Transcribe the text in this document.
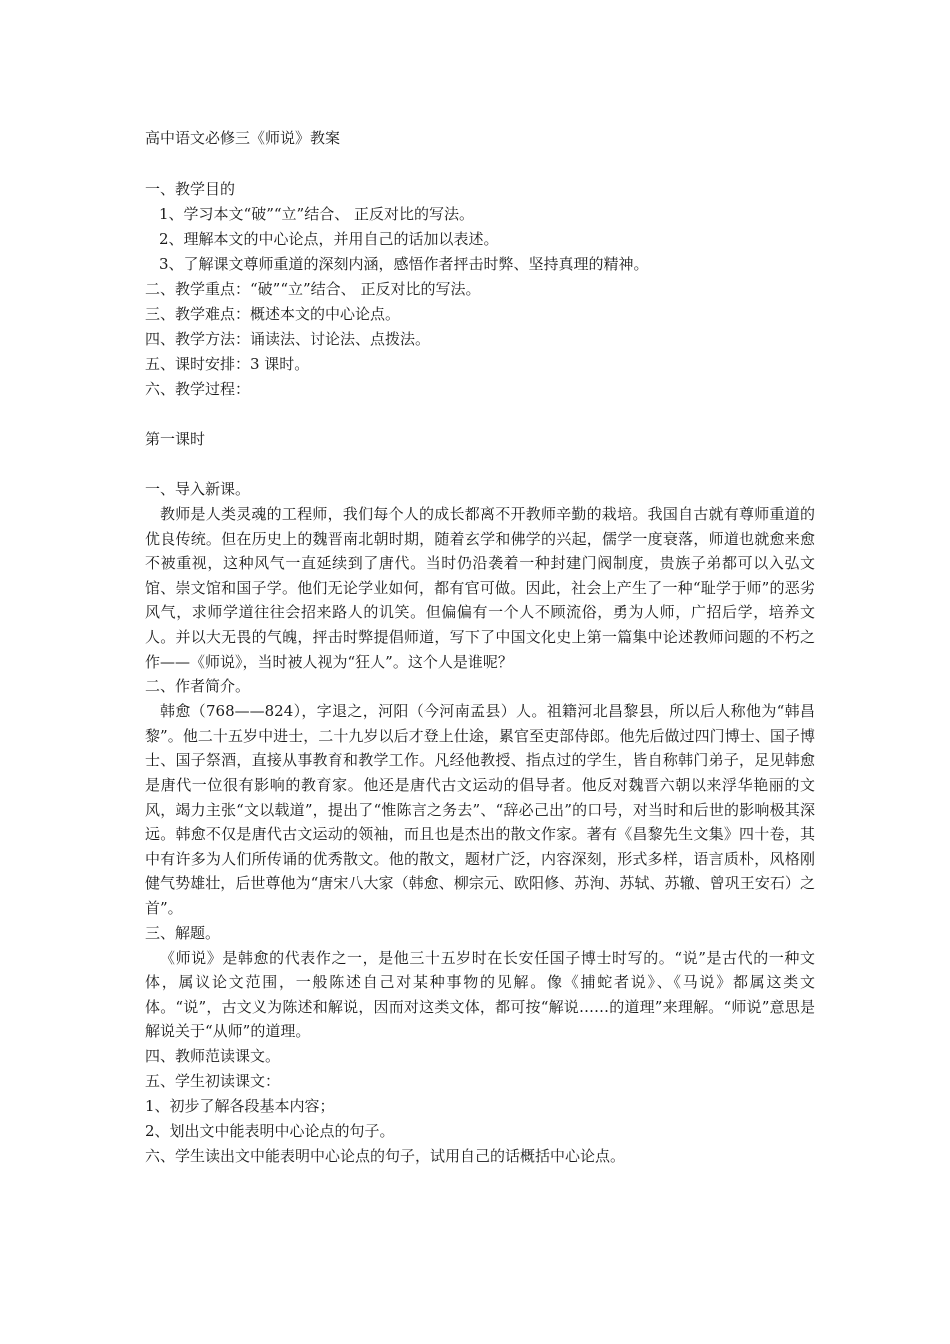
高中语文必修三《师说》教案
一、教学目的
1、学习本文“破”“立”结合、 正反对比的写法。
2、理解本文的中心论点，并用自己的话加以表述。
3、了解课文尊师重道的深刻内涵，感悟作者抨击时弊、坚持真理的精神。
二、教学重点：“破”“立”结合、 正反对比的写法。
三、教学难点：概述本文的中心论点。
四、教学方法：诵读法、讨论法、点拨法。
五、课时安排：3 课时。
六、教学过程：
第一课时
一、导入新课。
教师是人类灵魂的工程师，我们每个人的成长都离不开教师辛勤的栽培。我国自古就有尊师重道的优良传统。但在历史上的魏晋南北朝时期，随着玄学和佛学的兴起，儒学一度衰落，师道也就愈来愈不被重视，这种风气一直延续到了唐代。当时仍沿袭着一种封建门阀制度，贵族子弟都可以入弘文馆、崇文馆和国子学。他们无论学业如何，都有官可做。因此，社会上产生了一种“耻学于师”的恶劣风气，求师学道往往会招来路人的讥笑。但偏偏有一个人不顾流俗，勇为人师，广招后学，培养文人。并以大无畏的气魄，抨击时弊提倡师道，写下了中国文化史上第一篇集中论述教师问题的不朽之作——《师说》，当时被人视为“狂人”。这个人是谁呢？
二、作者简介。
韩愈（768——824），字退之，河阳（今河南孟县）人。祖籍河北昌黎县，所以后人称他为“韩昌黎”。他二十五岁中进士，二十九岁以后才登上仕途，累官至吏部侍郎。他先后做过四门博士、国子博士、国子祭酒，直接从事教育和教学工作。凡经他教授、指点过的学生，皆自称韩门弟子，足见韩愈是唐代一位很有影响的教育家。他还是唐代古文运动的倡导者。他反对魏晋六朝以来浮华艳丽的文风，竭力主张“文以载道”，提出了“惟陈言之务去”、“辞必己出”的口号，对当时和后世的影响极其深远。韩愈不仅是唐代古文运动的领袖，而且也是杰出的散文作家。著有《昌黎先生文集》四十卷，其中有许多为人们所传诵的优秀散文。他的散文，题材广泛，内容深刻，形式多样，语言质朴，风格刚健气势雄壮，后世尊他为“唐宋八大家（韩愈、柳宗元、欧阳修、苏洵、苏轼、苏辙、曾巩王安石）之首”。
三、解题。
《师说》是韩愈的代表作之一，是他三十五岁时在长安任国子博士时写的。“说”是古代的一种文体，属议论文范围，一般陈述自己对某种事物的见解。像《捕蛇者说》、《马说》都属这类文体。“说”，古文义为陈述和解说，因而对这类文体，都可按“解说……的道理”来理解。“师说”意思是解说关于“从师”的道理。
四、教师范读课文。
五、学生初读课文：
1、初步了解各段基本内容；
2、划出文中能表明中心论点的句子。
六、学生读出文中能表明中心论点的句子，试用自己的话概括中心论点。
